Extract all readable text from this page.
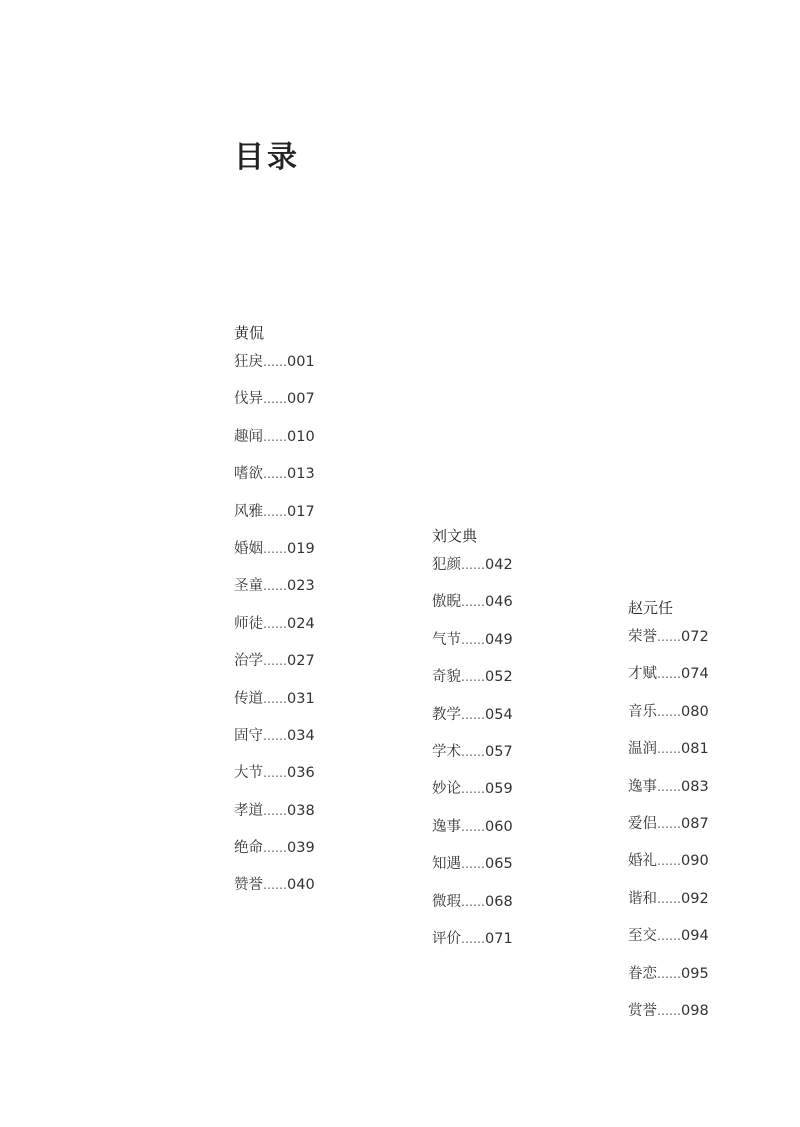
目录
黄侃
狂戾……001
伐异……007
趣闻……010
嗜欲……013
风雅……017
婚姻……019
圣童……023
师徒……024
治学……027
传道……031
固守……034
大节……036
孝道……038
绝命……039
赞誉……040
刘文典
犯颜……042
傲睨……046
气节……049
奇貌……052
教学……054
学术……057
妙论……059
逸事……060
知遇……065
微瑕……068
评价……071
赵元任
荣誉……072
才赋……074
音乐……080
温润……081
逸事……083
爱侣……087
婚礼……090
谐和……092
至交……094
眷恋……095
赏誉……098
